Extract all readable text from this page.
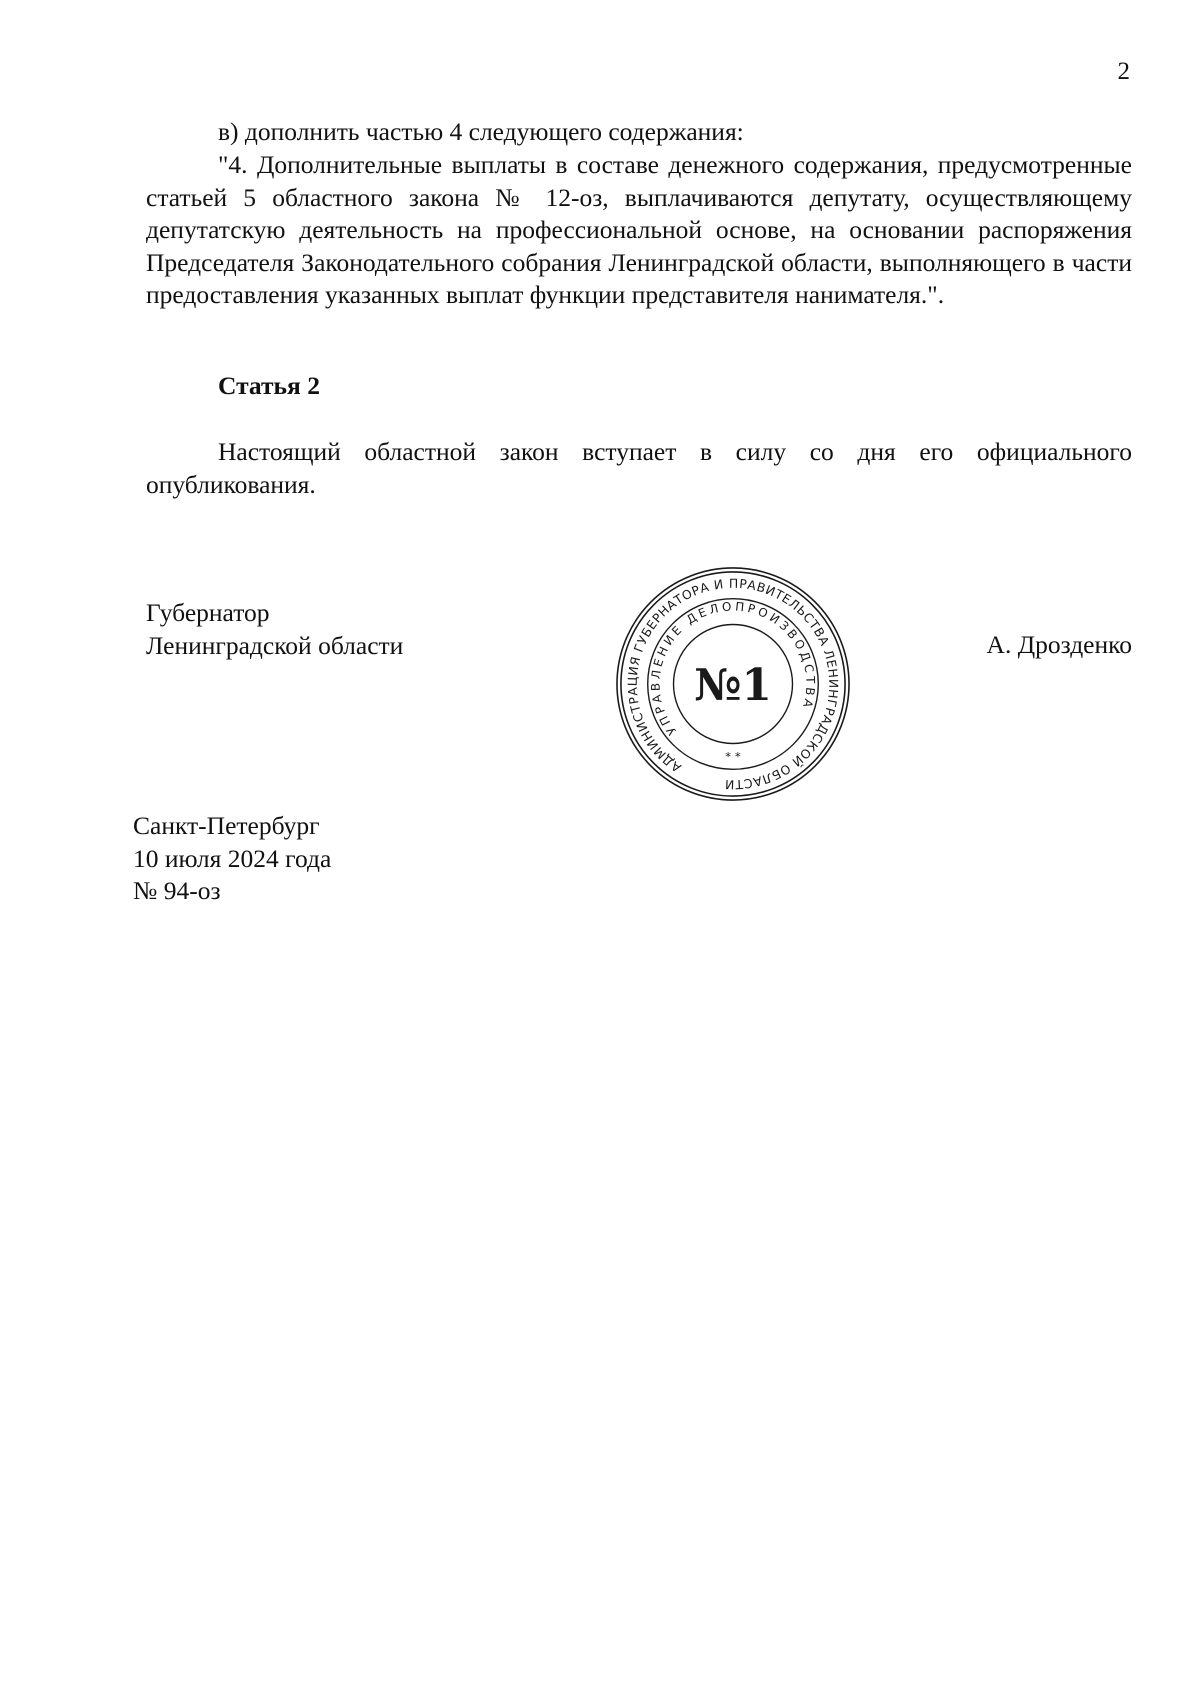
2

в) дополнить частью 4 следующего содержания:

"4. Дополнительные выплаты в составе денежного содержания, предусмотренные статьей 5 областного закона № 12-оз, выплачиваются депутату, осуществляющему депутатскую деятельность на профессиональной основе, на основании распоряжения Председателя Законодательного собрания Ленинградской области, выполняющего в части предоставления указанных выплат функции представителя нанимателя.".

Статья 2

Настоящий областной закон вступает в силу со дня его официального опубликования.

Губернатор
Ленинградской области	А. Дрозденко
АДМИНИСТРАЦИЯ ГУБЕРНАТОРА И ПРАВИТЕЛЬСТВА ЛЕНИНГРАДСКОЙ ОБЛАСТИ
УПРАВЛЕНИЕ ДЕЛОПРОИЗВОДСТВА
№1
* *
Санкт-Петербург
10 июля 2024 года
№ 94-оз
